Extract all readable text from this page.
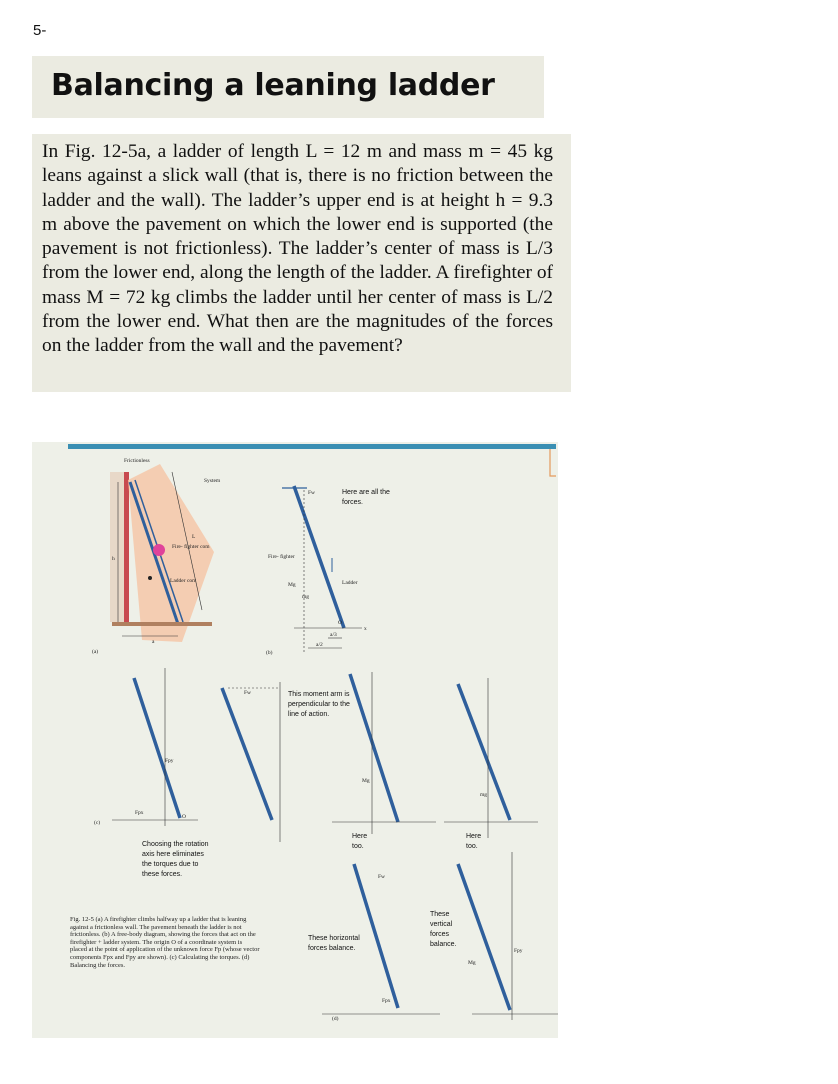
5-
Balancing a leaning ladder

In Fig. 12-5a, a ladder of length L = 12 m and mass m = 45 kg leans against a slick wall (that is, there is no friction between the ladder and the wall). The ladder’s upper end is at height h = 9.3 m above the pavement on which the lower end is supported (the pavement is not frictionless). The ladder’s center of mass is L/3 from the lower end, along the length of the ladder. A firefighter of mass M = 72 kg climbs the ladder until her center of mass is L/2 from the lower end. What then are the magnitudes of the forces on the ladder from the wall and the pavement?

Frictionless
System
Fire- fighter com
Ladder com
L
h
a
(a)
Fw
Fire- fighter
Ladder
Mg
mg
O
x
a/3
a/2
(b)
Fpy
Fpx
O
Fw
Mg
mg
(c)
Fw
Fpx
Fpy
Mg
(d)
Here are all the forces.
This moment arm is perpendicular to the line of action.
Choosing the rotation axis here eliminates the torques due to these forces.
Here too.
Here too.
These horizontal forces balance.
These vertical forces balance.
Fig. 12-5 (a) A firefighter climbs halfway up a ladder that is leaning against a frictionless wall. The pavement beneath the ladder is not frictionless. (b) A free-body diagram, showing the forces that act on the firefighter + ladder system. The origin O of a coordinate system is placed at the point of application of the unknown force Fp (whose vector components Fpx and Fpy are shown). (c) Calculating the torques. (d) Balancing the forces.
